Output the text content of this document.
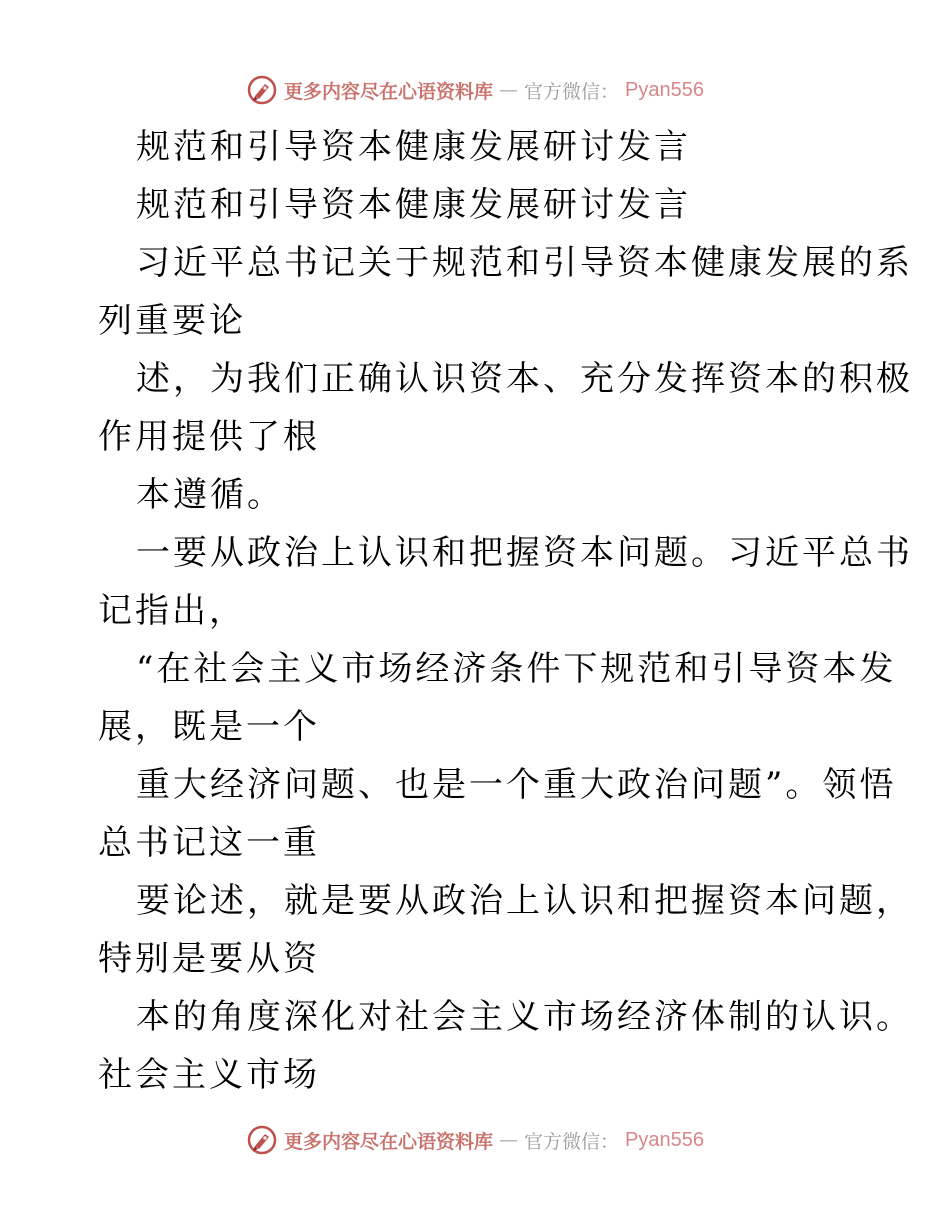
更多内容尽在心语资料库 — 官方微信： Pyan556
规范和引导资本健康发展研讨发言
规范和引导资本健康发展研讨发言
习近平总书记关于规范和引导资本健康发展的系
列重要论
述，为我们正确认识资本、充分发挥资本的积极
作用提供了根
本遵循。
一要从政治上认识和把握资本问题。习近平总书
记指出，
“在社会主义市场经济条件下规范和引导资本发
展，既是一个
重大经济问题、也是一个重大政治问题”。领悟
总书记这一重
要论述，就是要从政治上认识和把握资本问题，
特别是要从资
本的角度深化对社会主义市场经济体制的认识。
社会主义市场
更多内容尽在心语资料库 — 官方微信： Pyan556
